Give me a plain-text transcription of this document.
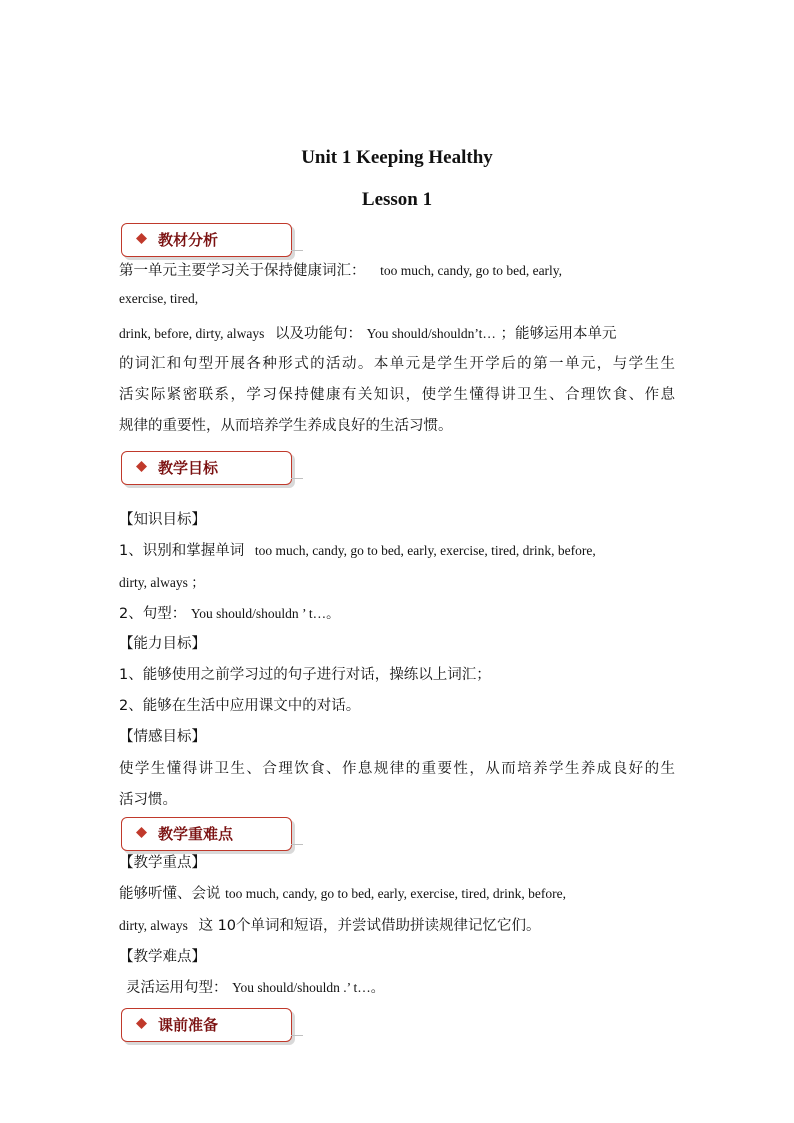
Unit 1 Keeping Healthy
Lesson 1
教材分析
第一单元主要学习关于保持健康词汇： too much, candy, go to bed, early,
exercise, tired,
drink, before, dirty, always 以及功能句： You should/shouldn’t… ；能够运用本单元
的词汇和句型开展各种形式的活动。本单元是学生开学后的第一单元，与学生生
活实际紧密联系，学习保持健康有关知识，使学生懂得讲卫生、合理饮食、作息
规律的重要性，从而培养学生养成良好的生活习惯。
教学目标
【知识目标】
1、识别和掌握单词 too much, candy, go to bed, early, exercise, tired, drink, before,
dirty, always ；
2、句型： You should/shouldn ’ t…。
【能力目标】
1、能够使用之前学习过的句子进行对话，操练以上词汇；
2、能够在生活中应用课文中的对话。
【情感目标】
使学生懂得讲卫生、合理饮食、作息规律的重要性，从而培养学生养成良好的生
活习惯。
教学重难点
【教学重点】
能够听懂、会说 too much, candy, go to bed, early, exercise, tired, drink, before,
dirty, always 这 10个单词和短语，并尝试借助拼读规律记忆它们。
【教学难点】
灵活运用句型： You should/shouldn .’ t…。
课前准备
